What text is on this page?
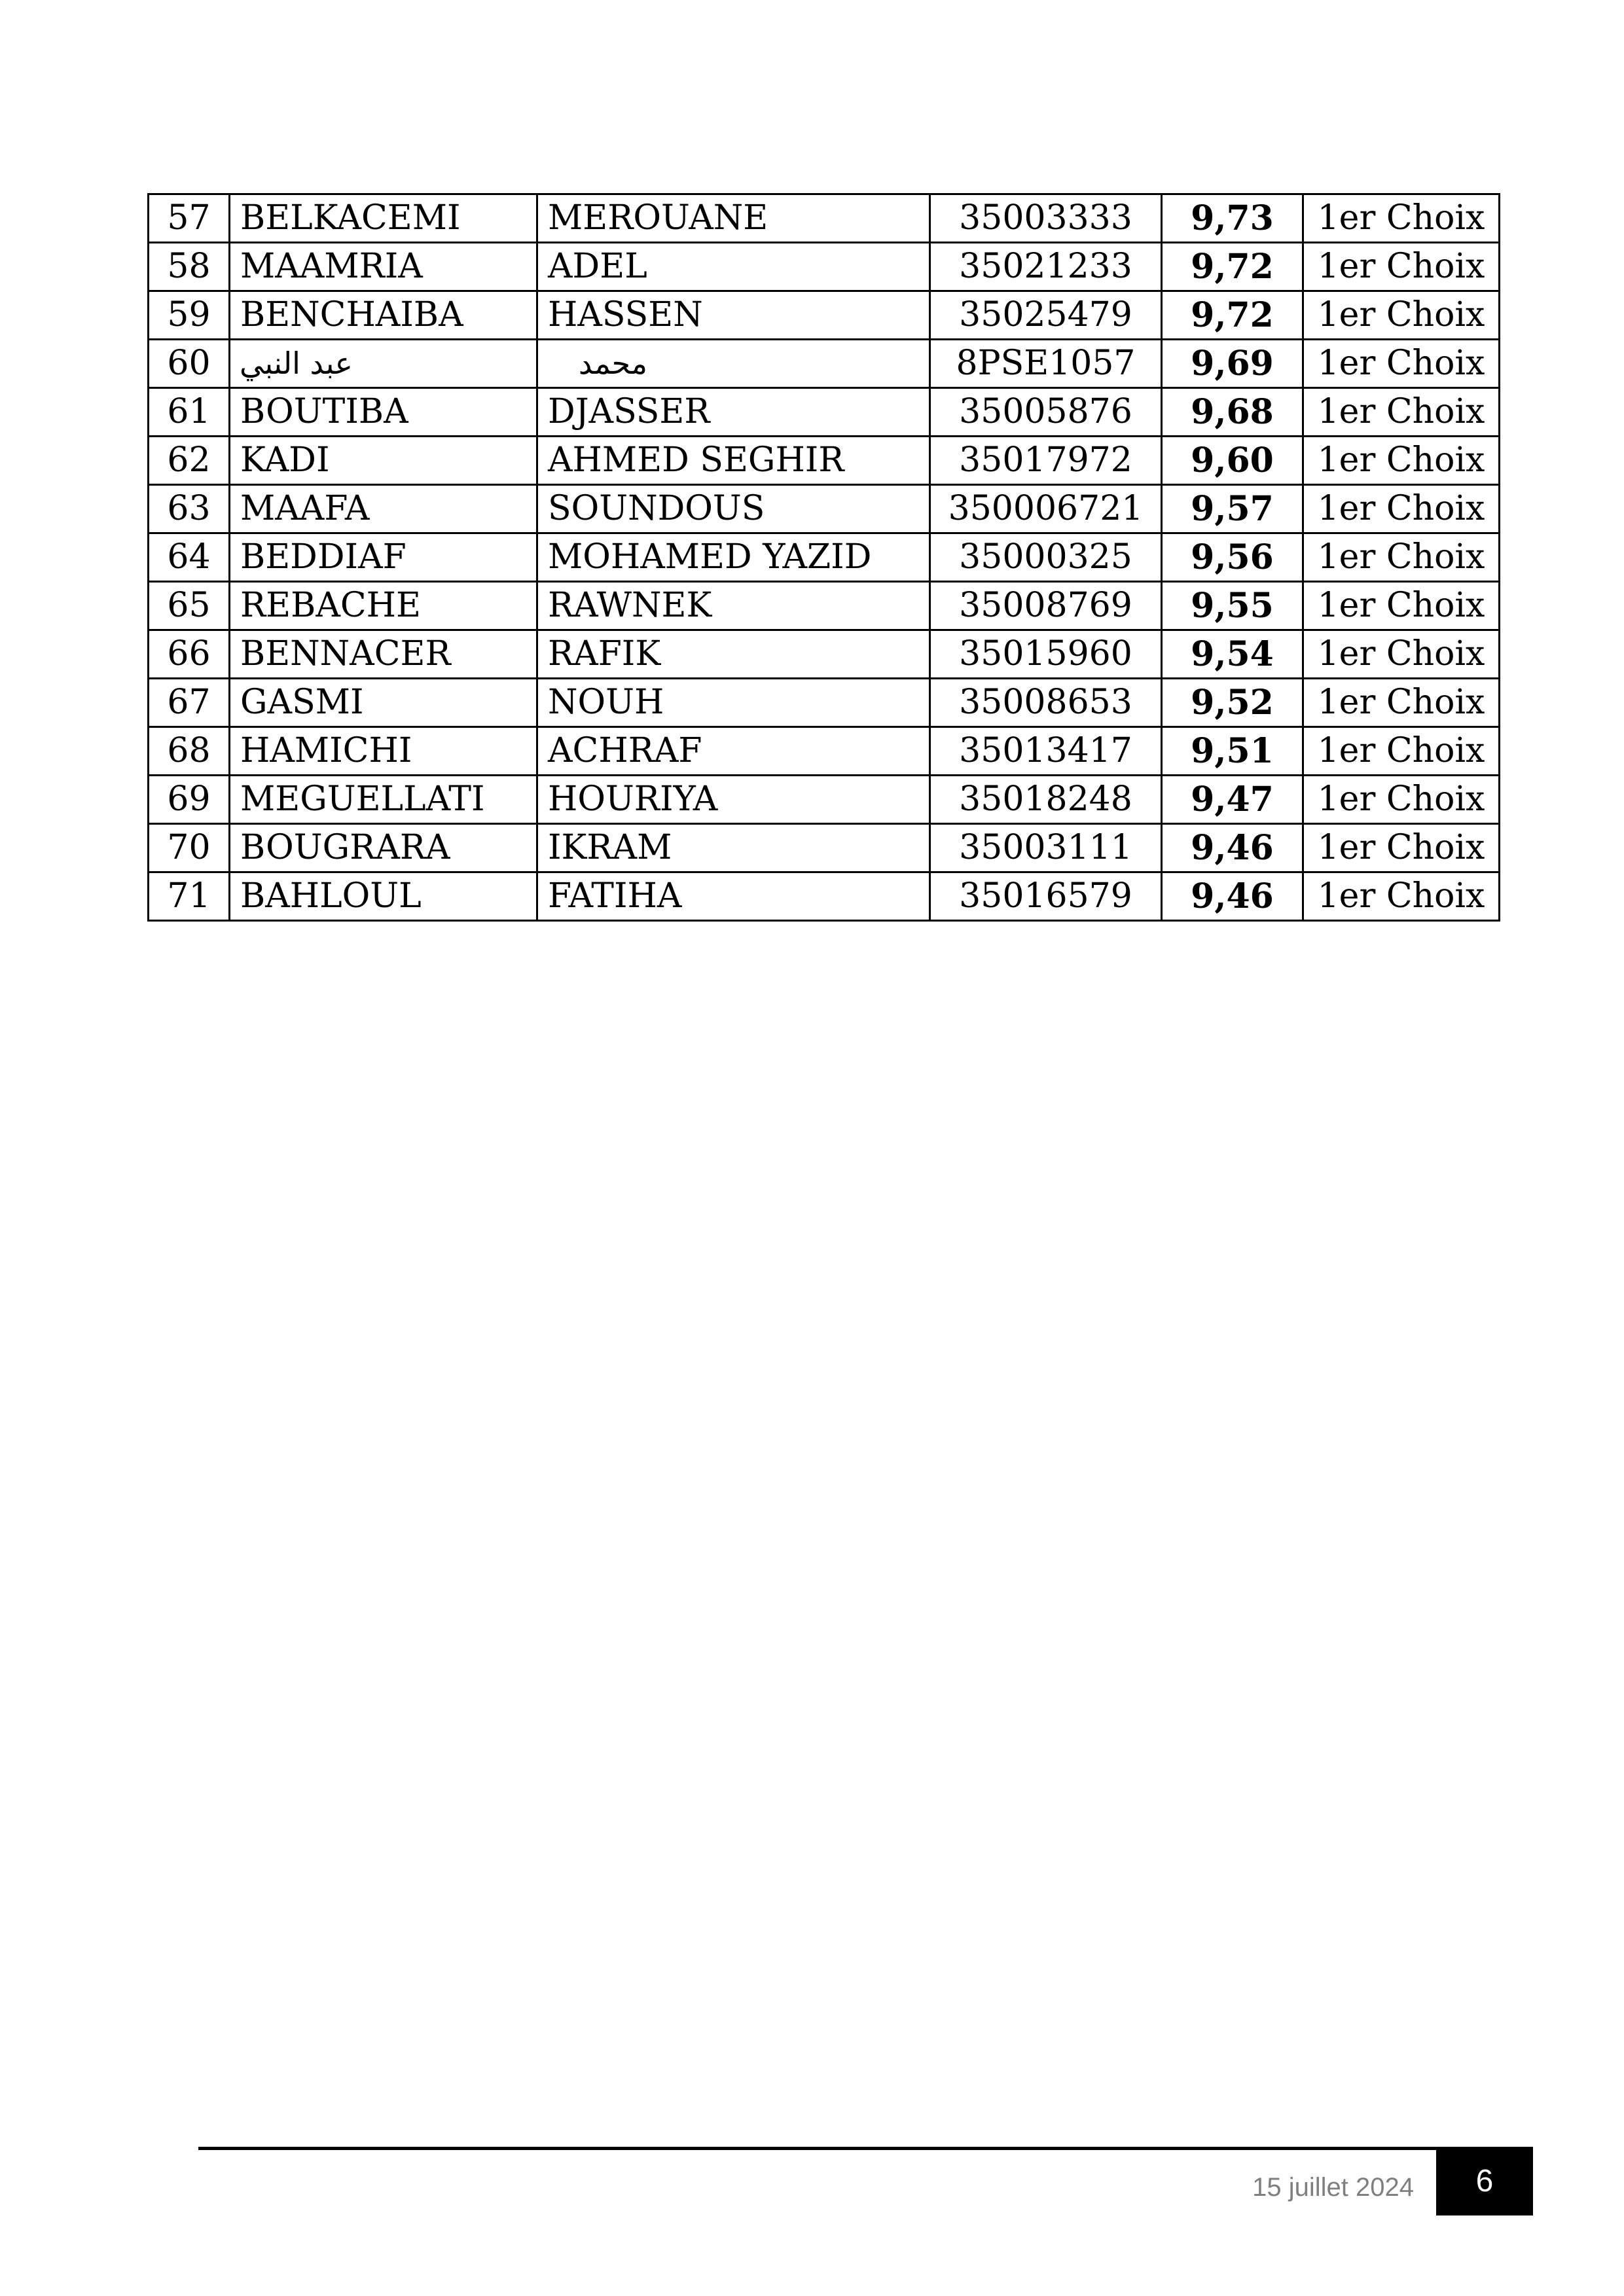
57	BELKACEMI	MEROUANE	35003333	9,73	1er Choix
58	MAAMRIA	ADEL	35021233	9,72	1er Choix
59	BENCHAIBA	HASSEN	35025479	9,72	1er Choix
60	عبد النبي	محمد	8PSE1057	9,69	1er Choix
61	BOUTIBA	DJASSER	35005876	9,68	1er Choix
62	KADI	AHMED SEGHIR	35017972	9,60	1er Choix
63	MAAFA	SOUNDOUS	350006721	9,57	1er Choix
64	BEDDIAF	MOHAMED YAZID	35000325	9,56	1er Choix
65	REBACHE	RAWNEK	35008769	9,55	1er Choix
66	BENNACER	RAFIK	35015960	9,54	1er Choix
67	GASMI	NOUH	35008653	9,52	1er Choix
68	HAMICHI	ACHRAF	35013417	9,51	1er Choix
69	MEGUELLATI	HOURIYA	35018248	9,47	1er Choix
70	BOUGRARA	IKRAM	35003111	9,46	1er Choix
71	BAHLOUL	FATIHA	35016579	9,46	1er Choix
15 juillet 2024	6
